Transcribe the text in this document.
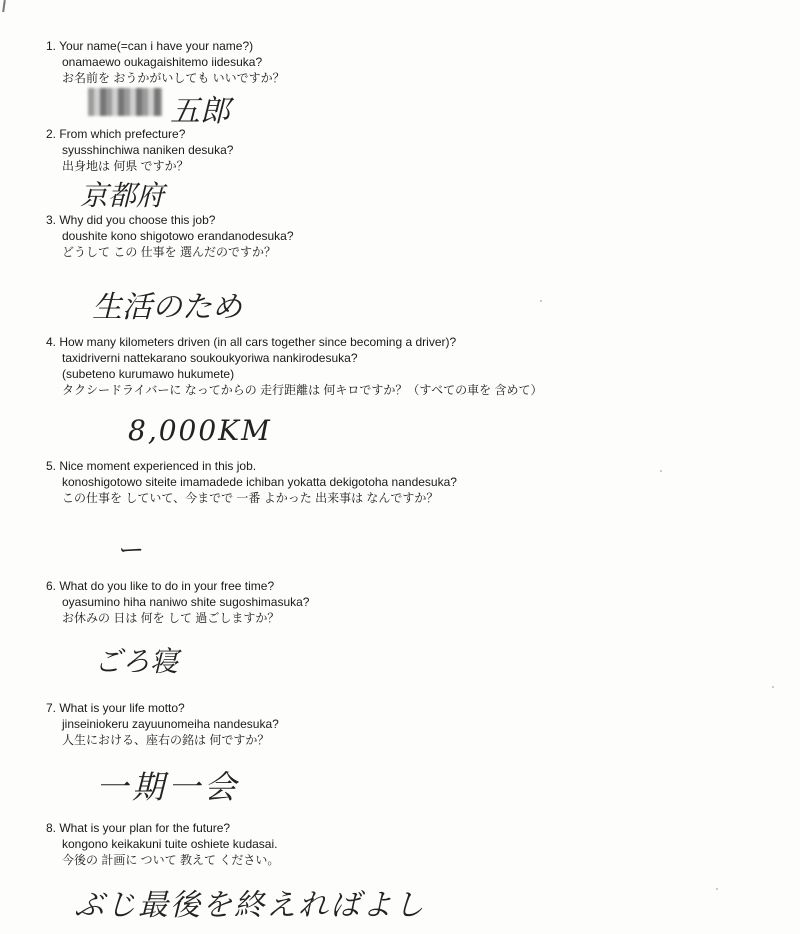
1. Your name(=can i have your name?)
onamaewo oukagaishitemo iidesuka?
お名前を おうかがいしても いいですか？
五郎
2. From which prefecture?
syusshinchiwa naniken desuka?
出身地は 何県 ですか？
京都府
3. Why did you choose this job?
doushite kono shigotowo erandanodesuka?
どうして この 仕事を 選んだのですか？
生活のため
4. How many kilometers driven (in all cars together since becoming a driver)?
taxidriverni nattekarano soukoukyoriwa nankirodesuka?
(subeteno kurumawo hukumete)
タクシードライバーに なってからの 走行距離は 何キロですか？（すべての車を 含めて）
8,000KM
5. Nice moment experienced in this job.
konoshigotowo siteite imamadede ichiban yokatta dekigotoha nandesuka?
この仕事を していて、今までで 一番 よかった 出来事は なんですか？
ー
6. What do you like to do in your free time?
oyasumino hiha naniwo shite sugoshimasuka?
お休みの 日は 何を して 過ごしますか？
ごろ寝
7. What is your life motto?
jinseiniokeru zayuunomeiha nandesuka?
人生における、座右の銘は 何ですか？
一期一会
8. What is your plan for the future?
kongono keikakuni tuite oshiete kudasai.
今後の 計画に ついて 教えて ください。
ぶじ最後を終えればよし
